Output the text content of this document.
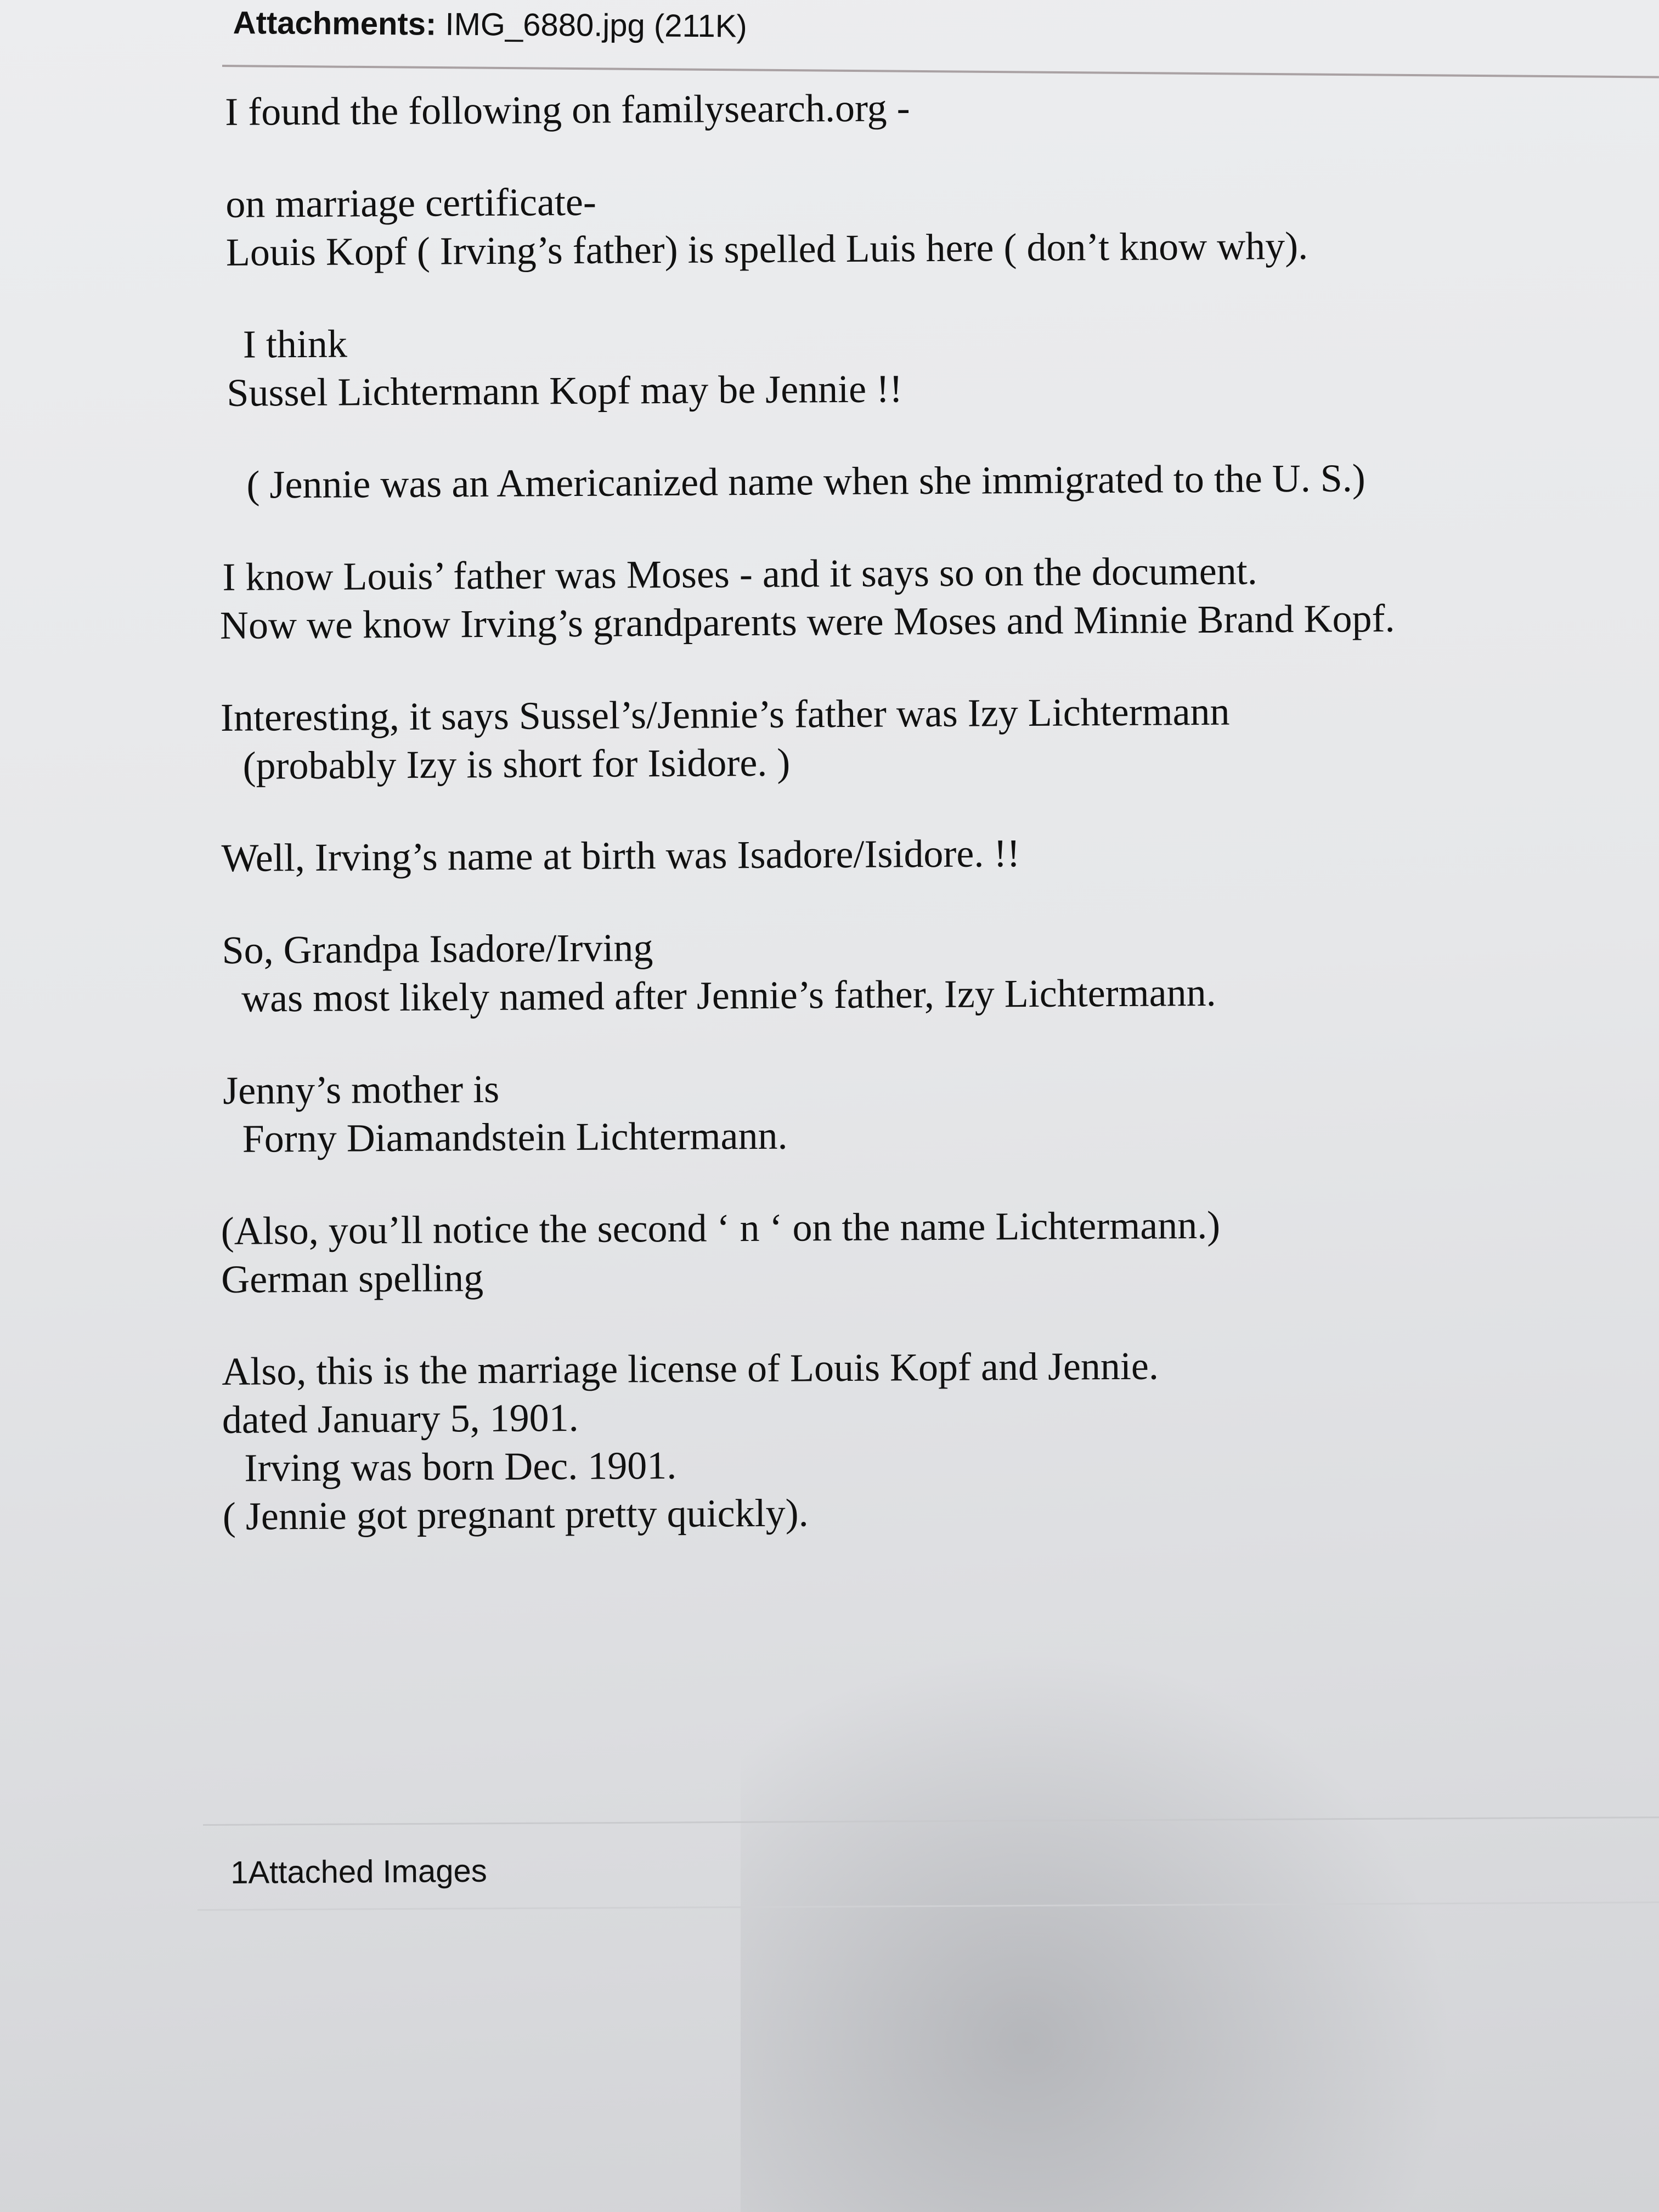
Attachments: IMG_6880.jpg (211K)
I found the following on familysearch.org -
on marriage certificate-
Louis Kopf ( Irving’s father) is spelled Luis here ( don’t know why).
I think
Sussel Lichtermann Kopf may be Jennie !!
( Jennie was an Americanized name when she immigrated to the U. S.)
I know Louis’ father was Moses - and it says so on the document.
Now we know Irving’s grandparents were Moses and Minnie Brand Kopf.
Interesting, it says Sussel’s/Jennie’s father was Izy Lichtermann
(probably Izy is short for Isidore. )
Well, Irving’s name at birth was Isadore/Isidore. !!
So, Grandpa Isadore/Irving
was most likely named after Jennie’s father, Izy Lichtermann.
Jenny’s mother is
Forny Diamandstein Lichtermann.
(Also, you’ll notice the second ‘ n ‘ on the name Lichtermann.)
German spelling
Also, this is the marriage license of Louis Kopf and Jennie.
dated January 5, 1901.
Irving was born Dec. 1901.
( Jennie got pregnant pretty quickly).
1Attached Images
